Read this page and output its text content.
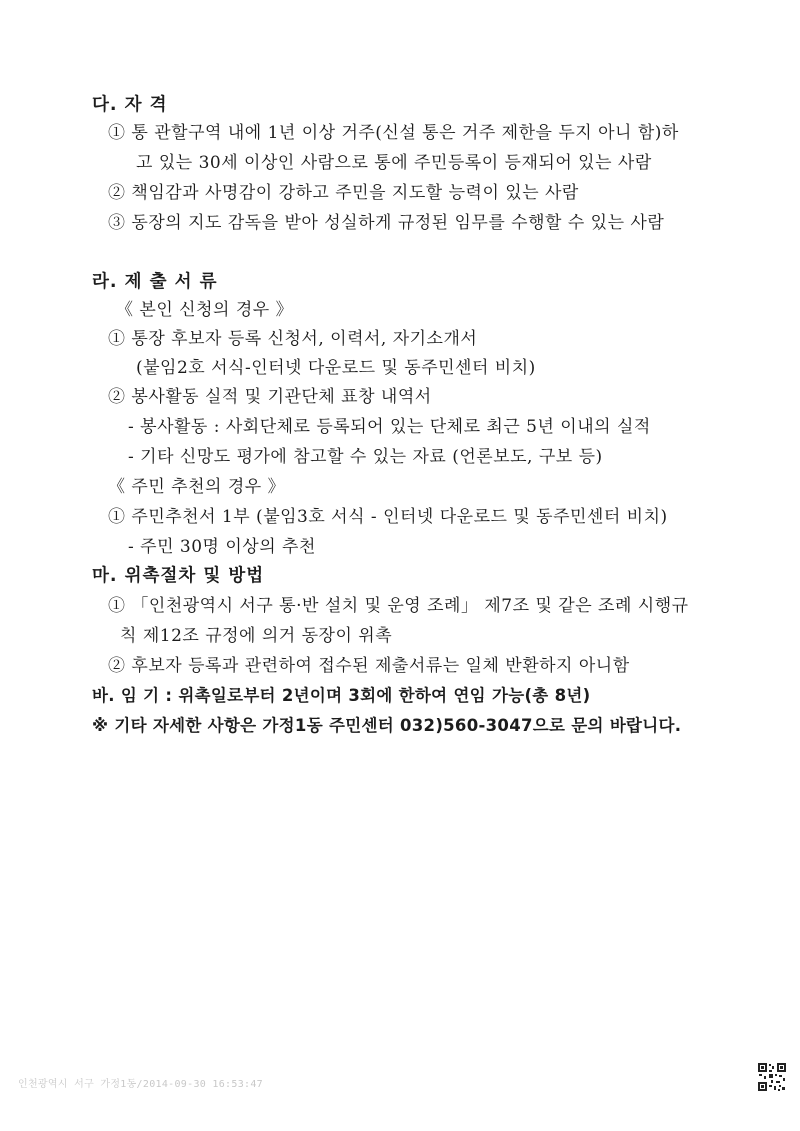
다. 자 격
① 통 관할구역 내에 1년 이상 거주(신설 통은 거주 제한을 두지 아니 함)하
고 있는 30세 이상인 사람으로 통에 주민등록이 등재되어 있는 사람
② 책임감과 사명감이 강하고 주민을 지도할 능력이 있는 사람
③ 동장의 지도 감독을 받아 성실하게 규정된 임무를 수행할 수 있는 사람
라. 제 출 서 류
《 본인 신청의 경우 》
① 통장 후보자 등록 신청서, 이력서, 자기소개서
(붙임2호 서식-인터넷 다운로드 및 동주민센터 비치)
② 봉사활동 실적 및 기관단체 표창 내역서
- 봉사활동 : 사회단체로 등록되어 있는 단체로 최근 5년 이내의 실적
- 기타 신망도 평가에 참고할 수 있는 자료 (언론보도, 구보 등)
《 주민 추천의 경우 》
① 주민추천서 1부 (붙임3호 서식 - 인터넷 다운로드 및 동주민센터 비치)
- 주민 30명 이상의 추천
마. 위촉절차 및 방법
① 「인천광역시 서구 통·반 설치 및 운영 조례」 제7조 및 같은 조례 시행규
칙 제12조 규정에 의거 동장이 위촉
② 후보자 등록과 관련하여 접수된 제출서류는 일체 반환하지 아니함
바. 임 기 : 위촉일로부터 2년이며 3회에 한하여 연임 가능(총 8년)
※ 기타 자세한 사항은 가정1동 주민센터 032)560-3047으로 문의 바랍니다.
인천광역시 서구 가정1동/2014-09-30 16:53:47
